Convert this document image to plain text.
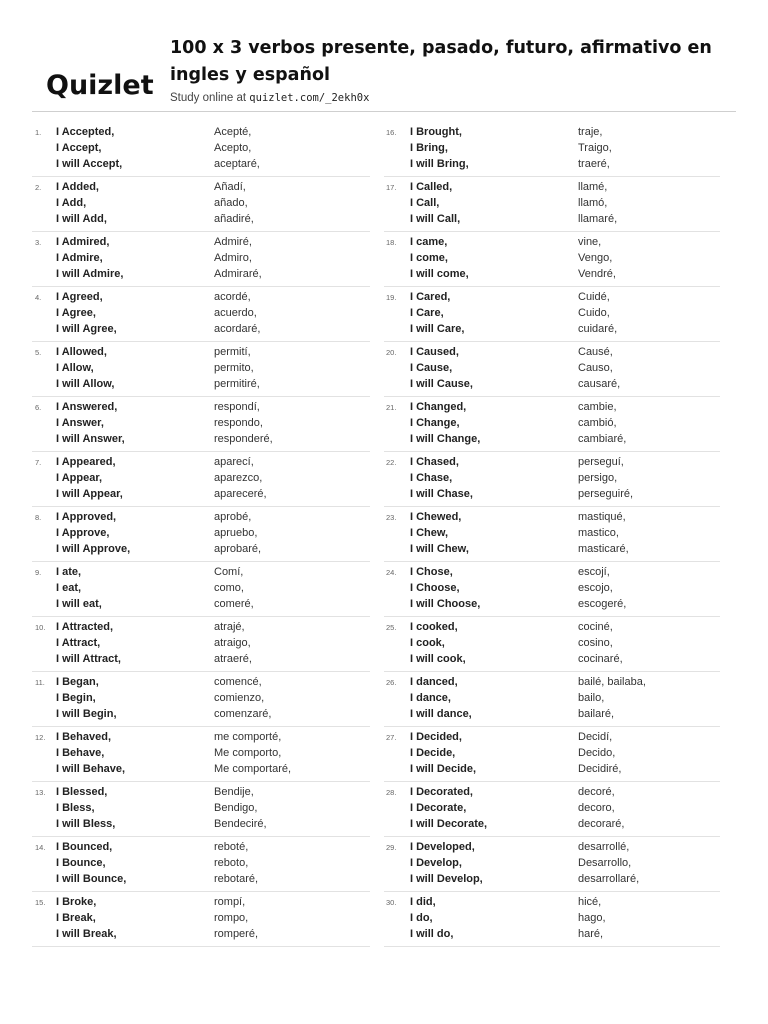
Quizlet
100 x 3 verbos presente, pasado, futuro, afirmativo en ingles y español
Study online at quizlet.com/_2ekh0x
1. I Accepted,
I Accept,
I will Accept,
Acepté,
Acepto,
aceptaré,
2. I Added,
I Add,
I will Add,
Añadí,
añado,
añadiré,
3. I Admired,
I Admire,
I will Admire,
Admiré,
Admiro,
Admiraré,
4. I Agreed,
I Agree,
I will Agree,
acordé,
acuerdo,
acordaré,
5. I Allowed,
I Allow,
I will Allow,
permití,
permito,
permitiré,
6. I Answered,
I Answer,
I will Answer,
respondí,
respondo,
responderé,
7. I Appeared,
I Appear,
I will Appear,
aparecí,
aparezco,
apareceré,
8. I Approved,
I Approve,
I will Approve,
aprobé,
apruebo,
aprobaré,
9. I ate,
I eat,
I will eat,
Comí,
como,
comeré,
10. I Attracted,
I Attract,
I will Attract,
atrajé,
atraigo,
atraeré,
11. I Began,
I Begin,
I will Begin,
comencé,
comienzo,
comenzaré,
12. I Behaved,
I Behave,
I will Behave,
me comporté,
Me comporto,
Me comportaré,
13. I Blessed,
I Bless,
I will Bless,
Bendije,
Bendigo,
Bendeciré,
14. I Bounced,
I Bounce,
I will Bounce,
reboté,
reboto,
rebotaré,
15. I Broke,
I Break,
I will Break,
rompí,
rompo,
romperé,
16. I Brought,
I Bring,
I will Bring,
traje,
Traigo,
traeré,
17. I Called,
I Call,
I will Call,
llamé,
llamó,
llamaré,
18. I came,
I come,
I will come,
vine,
Vengo,
Vendré,
19. I Cared,
I Care,
I will Care,
Cuidé,
Cuido,
cuidaré,
20. I Caused,
I Cause,
I will Cause,
Causé,
Causo,
causaré,
21. I Changed,
I Change,
I will Change,
cambie,
cambió,
cambiaré,
22. I Chased,
I Chase,
I will Chase,
perseguí,
persigo,
perseguiré,
23. I Chewed,
I Chew,
I will Chew,
mastiqué,
mastico,
masticaré,
24. I Chose,
I Choose,
I will Choose,
escojí,
escojo,
escogeré,
25. I cooked,
I cook,
I will cook,
cociné,
cosino,
cocinaré,
26. I danced,
I dance,
I will dance,
bailé, bailaba,
bailo,
bailaré,
27. I Decided,
I Decide,
I will Decide,
Decidí,
Decido,
Decidiré,
28. I Decorated,
I Decorate,
I will Decorate,
decoré,
decoro,
decoraré,
29. I Developed,
I Develop,
I will Develop,
desarrollé,
Desarrollo,
desarrollaré,
30. I did,
I do,
I will do,
hicé,
hago,
haré,
